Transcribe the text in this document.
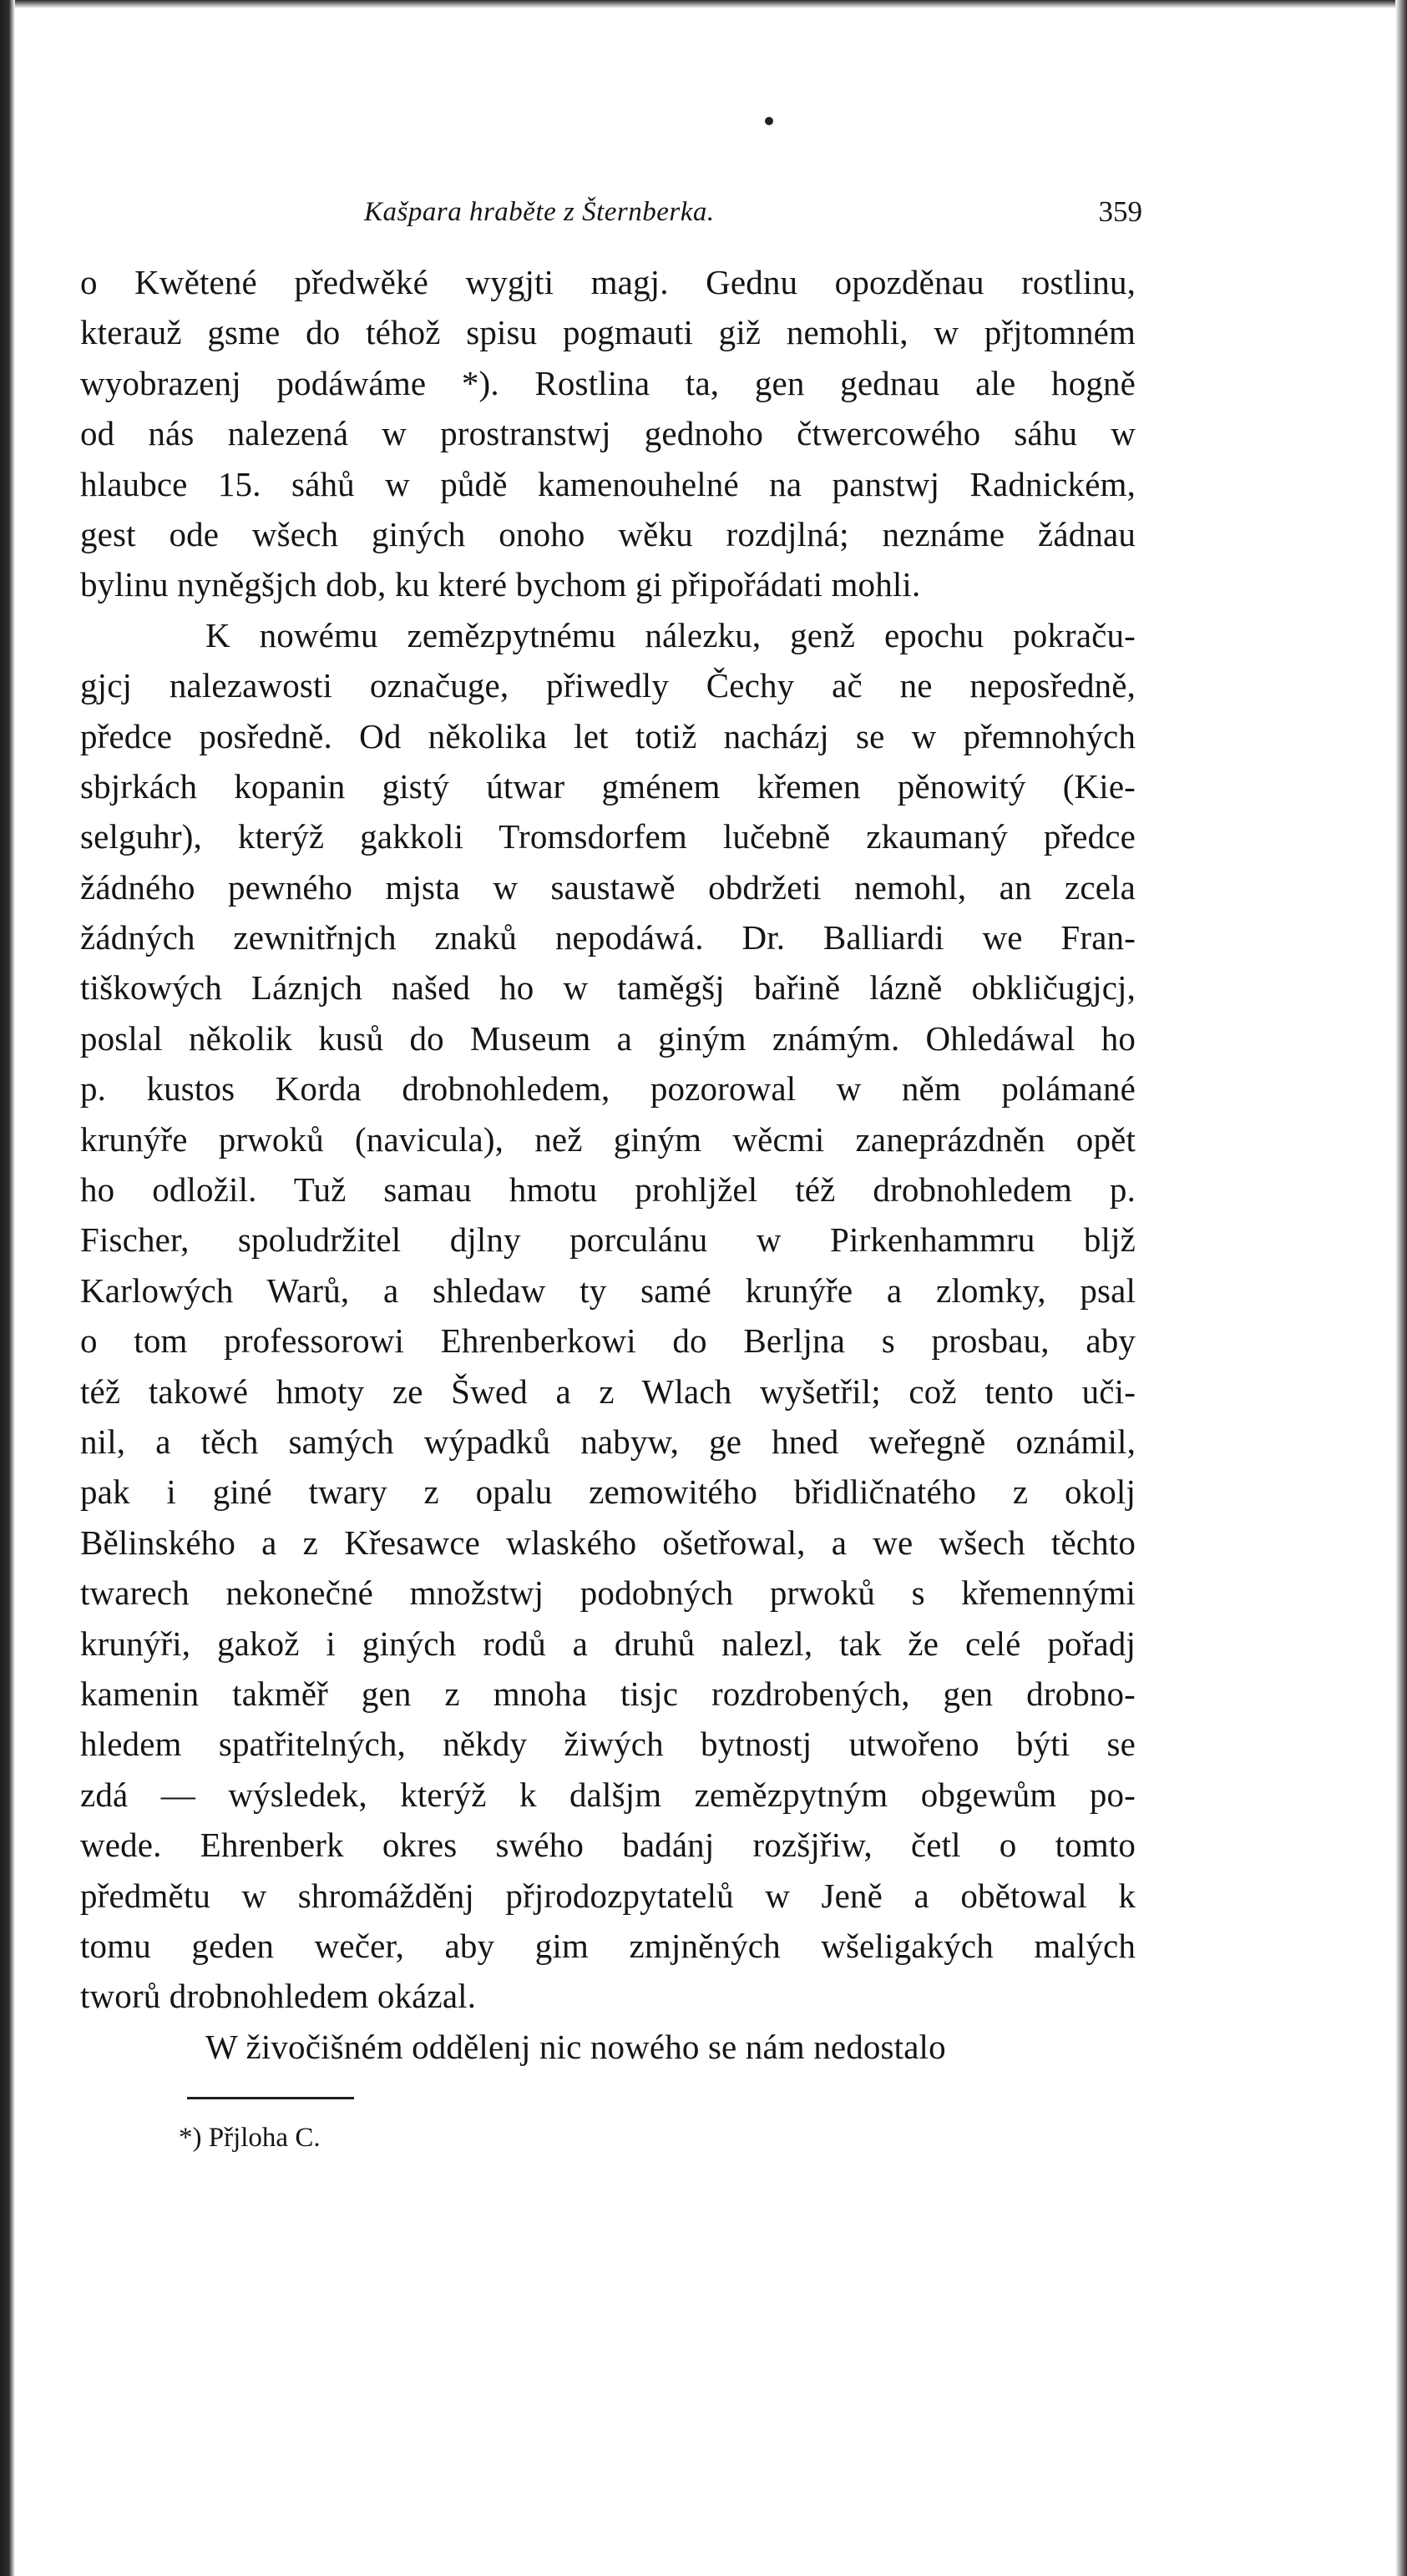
Kašpara hraběte z Šternberka.	359
o Kwětené předwěké wygjti magj. Gednu opozděnau rostlinu,
kterauž gsme do téhož spisu pogmauti giž nemohli, w přjtomném
wyobrazenj podáwáme *). Rostlina ta, gen gednau ale hogně
od nás nalezená w prostranstwj gednoho čtwercowého sáhu w
hlaubce 15. sáhů w půdě kamenouhelné na panstwj Radnickém,
gest ode wšech giných onoho wěku rozdjlná; neznáme žádnau
bylinu nyněgšjch dob, ku které bychom gi připořádati mohli.
K nowému zemězpytnému nálezku, genž epochu pokraču-
gjcj nalezawosti označuge, přiwedly Čechy ač ne neposředně,
předce posředně. Od několika let totiž nacházj se w přemnohých
sbjrkách kopanin gistý útwar gménem křemen pěnowitý (Kie-
selguhr), kterýž gakkoli Tromsdorfem lučebně zkaumaný předce
žádného pewného mjsta w saustawě obdržeti nemohl, an zcela
žádných zewnitřnjch znaků nepodáwá. Dr. Balliardi we Fran-
tiškowých Láznjch našed ho w taměgšj bařině lázně obkličugjcj,
poslal několik kusů do Museum a giným známým. Ohledáwal ho
p. kustos Korda drobnohledem, pozorowal w něm polámané
krunýře prwoků (navicula), než giným wěcmi zaneprázdněn opět
ho odložil. Tuž samau hmotu prohljžel též drobnohledem p.
Fischer, spoludržitel djlny porculánu w Pirkenhammru bljž
Karlowých Warů, a shledaw ty samé krunýře a zlomky, psal
o tom professorowi Ehrenberkowi do Berljna s prosbau, aby
též takowé hmoty ze Šwed a z Wlach wyšetřil; což tento uči-
nil, a těch samých wýpadků nabyw, ge hned weřegně oznámil,
pak i giné twary z opalu zemowitého břidličnatého z okolj
Bělinského a z Křesawce wlaského ošetřowal, a we wšech těchto
twarech nekonečné množstwj podobných prwoků s křemennými
krunýři, gakož i giných rodů a druhů nalezl, tak že celé pořadj
kamenin takměř gen z mnoha tisjc rozdrobených, gen drobno-
hledem spatřitelných, někdy žiwých bytnostj utwořeno býti se
zdá — wýsledek, kterýž k dalšjm zemězpytným obgewům po-
wede. Ehrenberk okres swého badánj rozšjřiw, četl o tomto
předmětu w shromážděnj přjrodozpytatelů w Jeně a obětowal k
tomu geden wečer, aby gim zmjněných wšeligakých malých
tworů drobnohledem okázal.
W živočišném oddělenj nic nowého se nám nedostalo
*) Přjloha C.
